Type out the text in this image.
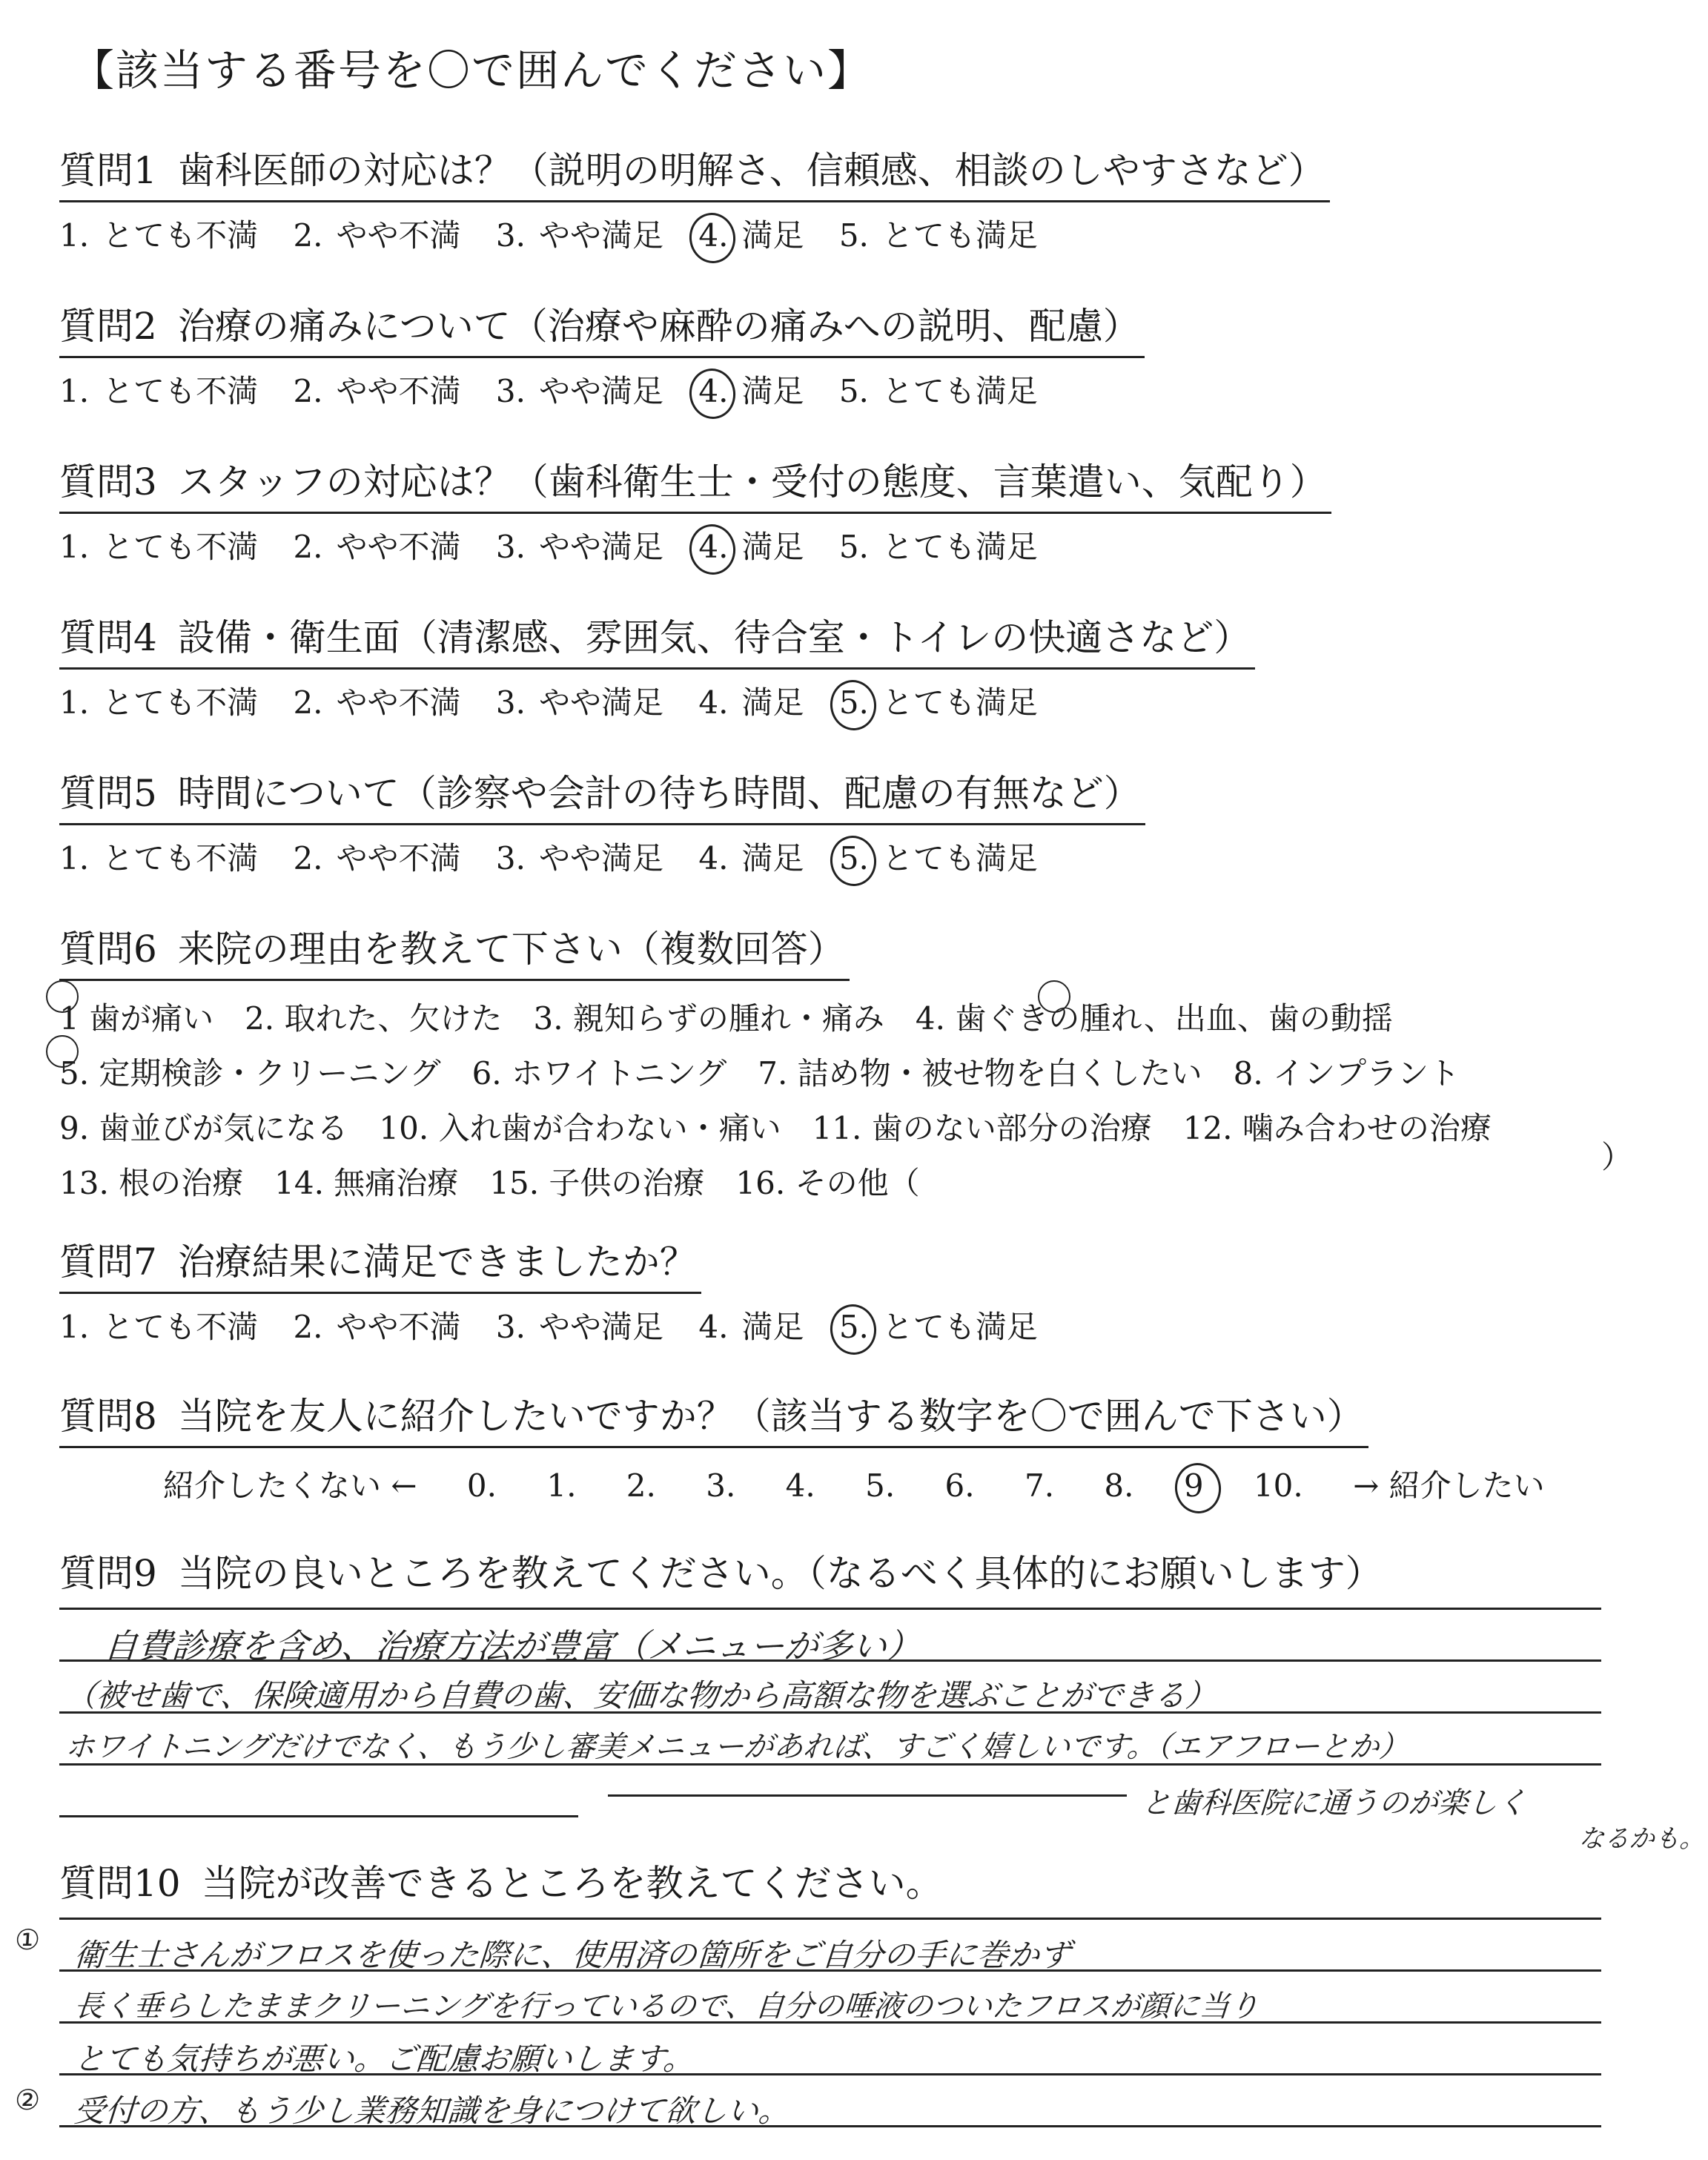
【該当する番号を〇で囲んでください】
質問1 歯科医師の対応は？（説明の明解さ、信頼感、相談のしやすさなど）
1. とても不満 2. やや不満 3. やや満足 4. 満足 5. とても満足
質問2 治療の痛みについて（治療や麻酔の痛みへの説明、配慮）
1. とても不満 2. やや不満 3. やや満足 4. 満足 5. とても満足
質問3 スタッフの対応は？（歯科衛生士・受付の態度、言葉遣い、気配り）
1. とても不満 2. やや不満 3. やや満足 4. 満足 5. とても満足
質問4 設備・衛生面（清潔感、雰囲気、待合室・トイレの快適さなど）
1. とても不満 2. やや不満 3. やや満足 4. 満足 5. とても満足
質問5 時間について（診察や会計の待ち時間、配慮の有無など）
1. とても不満 2. やや不満 3. やや満足 4. 満足 5. とても満足
質問6 来院の理由を教えて下さい（複数回答）
1 歯が痛い　2. 取れた、欠けた　3. 親知らずの腫れ・痛み　4. 歯ぐきの腫れ、出血、歯の動揺
5. 定期検診・クリーニング　6. ホワイトニング　7. 詰め物・被せ物を白くしたい　8. インプラント
9. 歯並びが気になる　10. 入れ歯が合わない・痛い　11. 歯のない部分の治療　12. 噛み合わせの治療
13. 根の治療　14. 無痛治療　15. 子供の治療　16. その他（
）
質問7 治療結果に満足できましたか？
1. とても不満 2. やや不満 3. やや満足 4. 満足 5. とても満足
質問8 当院を友人に紹介したいですか？（該当する数字を〇で囲んで下さい）
紹介したくない ← 0. 1. 2. 3. 4. 5. 6. 7. 8. 9 10. → 紹介したい
質問9 当院の良いところを教えてください。（なるべく具体的にお願いします）
自費診療を含め、治療方法が豊富（メニューが多い）
（被せ歯で、保険適用から自費の歯、安価な物から高額な物を選ぶことができる）
ホワイトニングだけでなく、もう少し審美メニューがあれば、すごく嬉しいです。（エアフローとか）
と歯科医院に通うのが楽しく
なるかも。
質問10 当院が改善できるところを教えてください。
① 衛生士さんがフロスを使った際に、使用済の箇所をご自分の手に巻かず
長く垂らしたままクリーニングを行っているので、自分の唾液のついたフロスが顔に当り
とても気持ちが悪い。ご配慮お願いします。
② 受付の方、もう少し業務知識を身につけて欲しい。
